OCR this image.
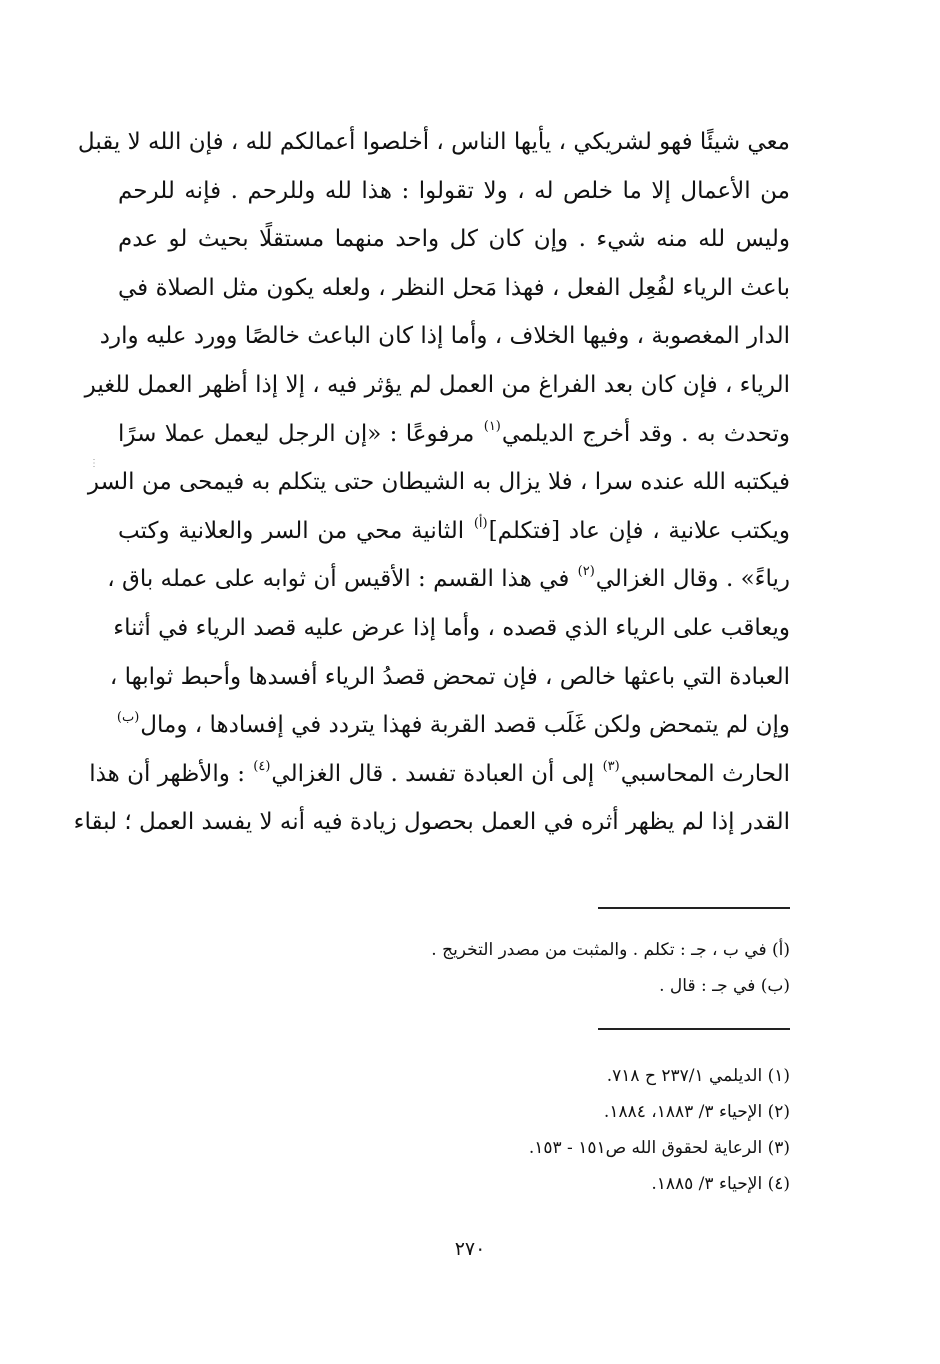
معي شيئًا فهو لشريكي ، يأيها الناس ، أخلصوا أعمالكم لله ، فإن الله لا يقبل
من الأعمال إلا ما خلص له ، ولا تقولوا : هذا لله وللرحم . فإنه للرحم
وليس لله منه شيء . وإن كان كل واحد منهما مستقلًا بحيث لو عدم
باعث الرياء لفُعِل الفعل ، فهذا مَحل النظر ، ولعله يكون مثل الصلاة في
الدار المغصوبة ، وفيها الخلاف ، وأما إذا كان الباعث خالصًا وورد عليه وارد
الرياء ، فإن كان بعد الفراغ من العمل لم يؤثر فيه ، إلا إذا أظهر العمل للغير
وتحدث به . وقد أخرج الديلمي$^{(١)}$ مرفوعًا : «إن الرجل ليعمل عملا سرًا
فيكتبه الله عنده سرا ، فلا يزال به الشيطان حتى يتكلم به فيمحى من السر
ويكتب علانية ، فإن عاد [فتكلم]$^{(أ)}$ الثانية محي من السر والعلانية وكتب
رياءً» . وقال الغزالي$^{(٢)}$ في هذا القسم : الأقيس أن ثوابه على عمله باق ،
ويعاقب على الرياء الذي قصده ، وأما إذا عرض عليه قصد الرياء في أثناء
العبادة التي باعثها خالص ، فإن تمحض قصدُ الرياء أفسدها وأحبط ثوابها ،
وإن لم يتمحض ولكن غَلَب قصد القربة فهذا يتردد في إفسادها ، ومال$^{(ب)}$
الحارث المحاسبي$^{(٣)}$ إلى أن العبادة تفسد . قال الغزالي$^{(٤)}$ : والأظهر أن هذا
القدر إذا لم يظهر أثره في العمل بحصول زيادة فيه أنه لا يفسد العمل ؛ لبقاء
⋮

(أ) في ب ، جـ : تكلم . والمثبت من مصدر التخريج .

(ب) في جـ : قال .

(١) الديلمي ٢٣٧/١ ح ٧١٨.

(٢) الإحياء ٣/ ١٨٨٣، ١٨٨٤.

(٣) الرعاية لحقوق الله ص١٥١ - ١٥٣.

(٤) الإحياء ٣/ ١٨٨٥.

٢٧٠
